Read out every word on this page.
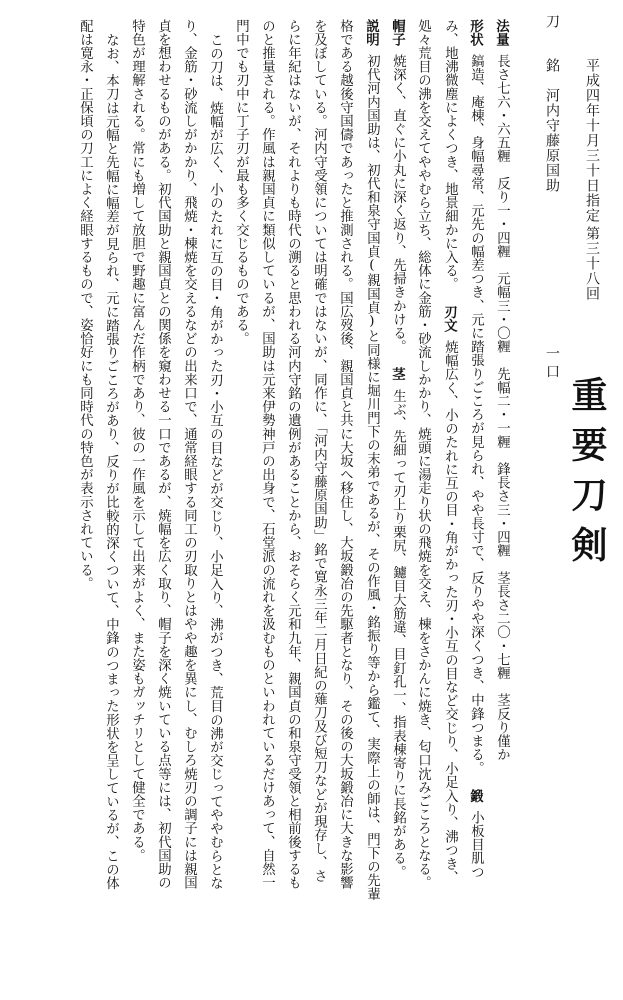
平成四年十月三十日指定
第三十八回
重要刀剣
一口
刀
銘　河内守藤原国助
法量長さ七六・六五糎　反り一・四糎　元幅三・〇糎　先幅二・一糎　鋒長さ三・四糎　茎長さ二〇・七糎　茎反り僅か
形状鎬造、庵棟、身幅尋常、元先の幅差つき、元に踏張りごころが見られ、やや長寸で、反りやや深くつき、中鋒つまる。鍛小板目肌つ
み、地沸微塵によくつき、地景細かに入る。刃文焼幅広く、小のたれに互の目・角がかった刃・小互の目など交じり、小足入り、沸つき、
処々荒目の沸を交えてややむら立ち、総体に金筋・砂流しかかり、焼頭に湯走り状の飛焼を交え、棟をさかんに焼き、匂口沈みごころとなる。
帽子焼深く、直ぐに小丸に深く返り、先掃きかける。茎生ぶ、先細って刃上り栗尻、鑢目大筋違、目釘孔一、指表棟寄りに長銘がある。
説明初代河内国助は、初代和泉守国貞(親国貞)と同様に堀川門下の末弟であるが、その作風・銘振り等から鑑て、実際上の師は、門下の先輩
格である越後守国儔であったと推測される。国広歿後、親国貞と共に大坂へ移住し、大坂鍛冶の先駆者となり、その後の大坂鍛冶に大きな影響
を及ぼしている。河内守受領については明確ではないが、同作に、「河内守藤原国助」銘で寛永三年二月日紀の薙刀及び短刀などが現存し、さ
らに年紀はないが、それよりも時代の溯ると思われる河内守銘の遺例があることから、おそらく元和九年、親国貞の和泉守受領と相前後するも
のと推量される。作風は親国貞に類似しているが、国助は元来伊勢神戸の出身で、石堂派の流れを汲むものといわれているだけあって、自然一
門中でも刃中に丁子刃が最も多く交じるものである。
この刀は、焼幅が広く、小のたれに互の目・角がかった刃・小互の目などが交じり、小足入り、沸がつき、荒目の沸が交じってややむらとな
り、金筋・砂流しがかかり、飛焼・棟焼を交えるなどの出来口で、通常経眼する同工の刃取りとはやや趣を異にし、むしろ焼刃の調子には親国
貞を想わせるものがある。初代国助と親国貞との関係を窺わせる一口であるが、焼幅を広く取り、帽子を深く焼いている点等には、初代国助の
特色が理解される。常にも増して放胆で野趣に富んだ作柄であり、彼の一作風を示して出来がよく、また姿もガッチリとして健全である。
なお、本刀は元幅と先幅に幅差が見られ、元に踏張りごころがあり、反りが比較的深くついて、中鋒のつまった形状を呈しているが、この体
配は寛永・正保頃の刀工によく経眼するもので、姿恰好にも同時代の特色が表示されている。
